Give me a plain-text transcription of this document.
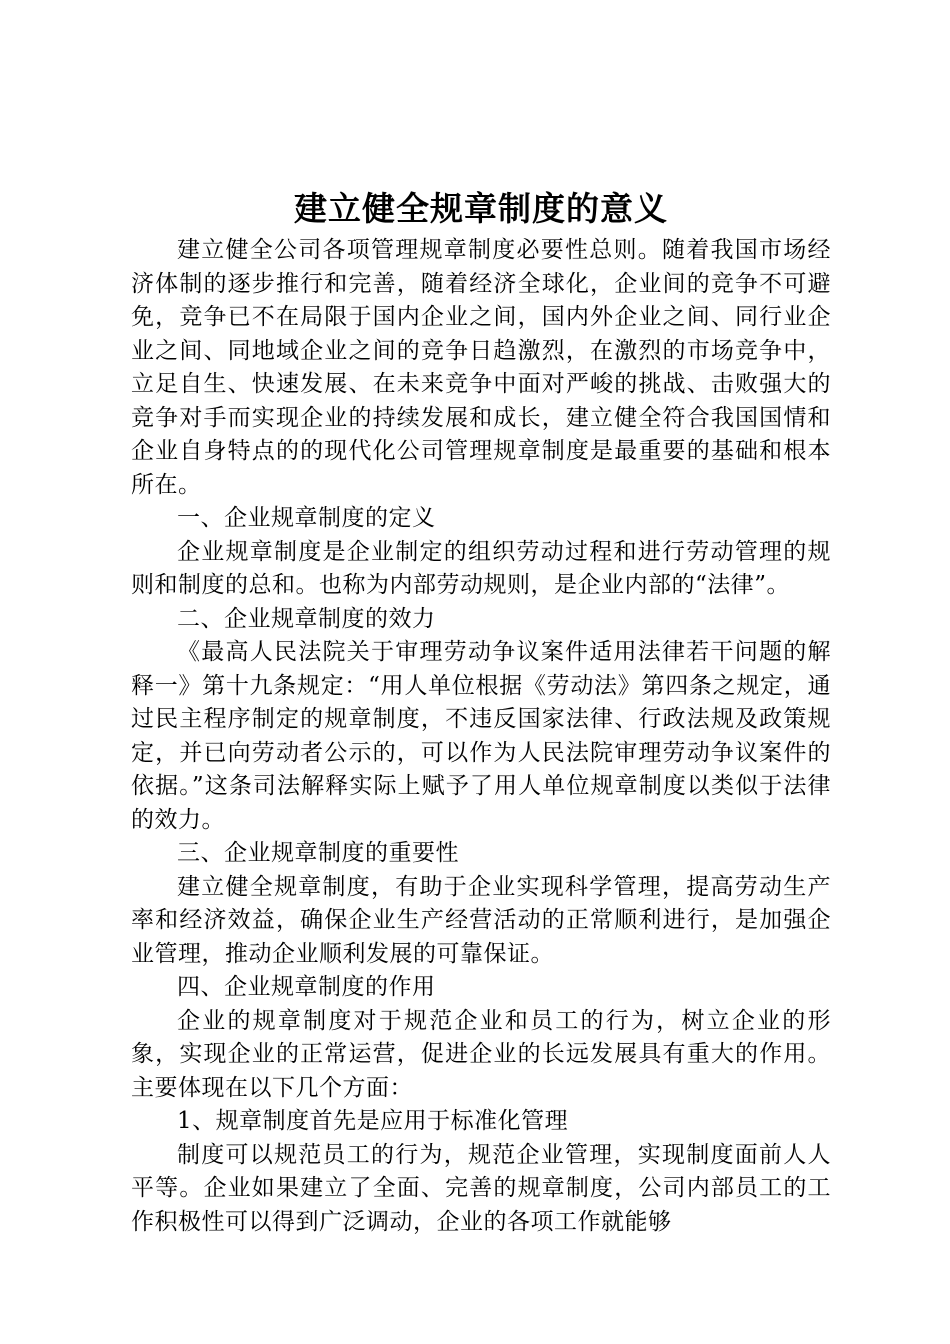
建立健全规章制度的意义

建立健全公司各项管理规章制度必要性总则。随着我国市场经济体制的逐步推行和完善，随着经济全球化，企业间的竞争不可避免，竞争已不在局限于国内企业之间，国内外企业之间、同行业企业之间、同地域企业之间的竞争日趋激烈，在激烈的市场竞争中，立足自生、快速发展、在未来竞争中面对严峻的挑战、击败强大的竞争对手而实现企业的持续发展和成长，建立健全符合我国国情和企业自身特点的的现代化公司管理规章制度是最重要的基础和根本所在。

一、企业规章制度的定义

企业规章制度是企业制定的组织劳动过程和进行劳动管理的规则和制度的总和。也称为内部劳动规则，是企业内部的“法律”。

二、企业规章制度的效力

《最高人民法院关于审理劳动争议案件适用法律若干问题的解释一》第十九条规定：“用人单位根据《劳动法》第四条之规定，通过民主程序制定的规章制度，不违反国家法律、行政法规及政策规定，并已向劳动者公示的，可以作为人民法院审理劳动争议案件的依据。”这条司法解释实际上赋予了用人单位规章制度以类似于法律的效力。

三、企业规章制度的重要性

建立健全规章制度，有助于企业实现科学管理，提高劳动生产率和经济效益，确保企业生产经营活动的正常顺利进行，是加强企业管理，推动企业顺利发展的可靠保证。

四、企业规章制度的作用

企业的规章制度对于规范企业和员工的行为，树立企业的形象，实现企业的正常运营，促进企业的长远发展具有重大的作用。主要体现在以下几个方面：

1、规章制度首先是应用于标准化管理

制度可以规范员工的行为，规范企业管理，实现制度面前人人平等。企业如果建立了全面、完善的规章制度，公司内部员工的工作积极性可以得到广泛调动，企业的各项工作就能够
